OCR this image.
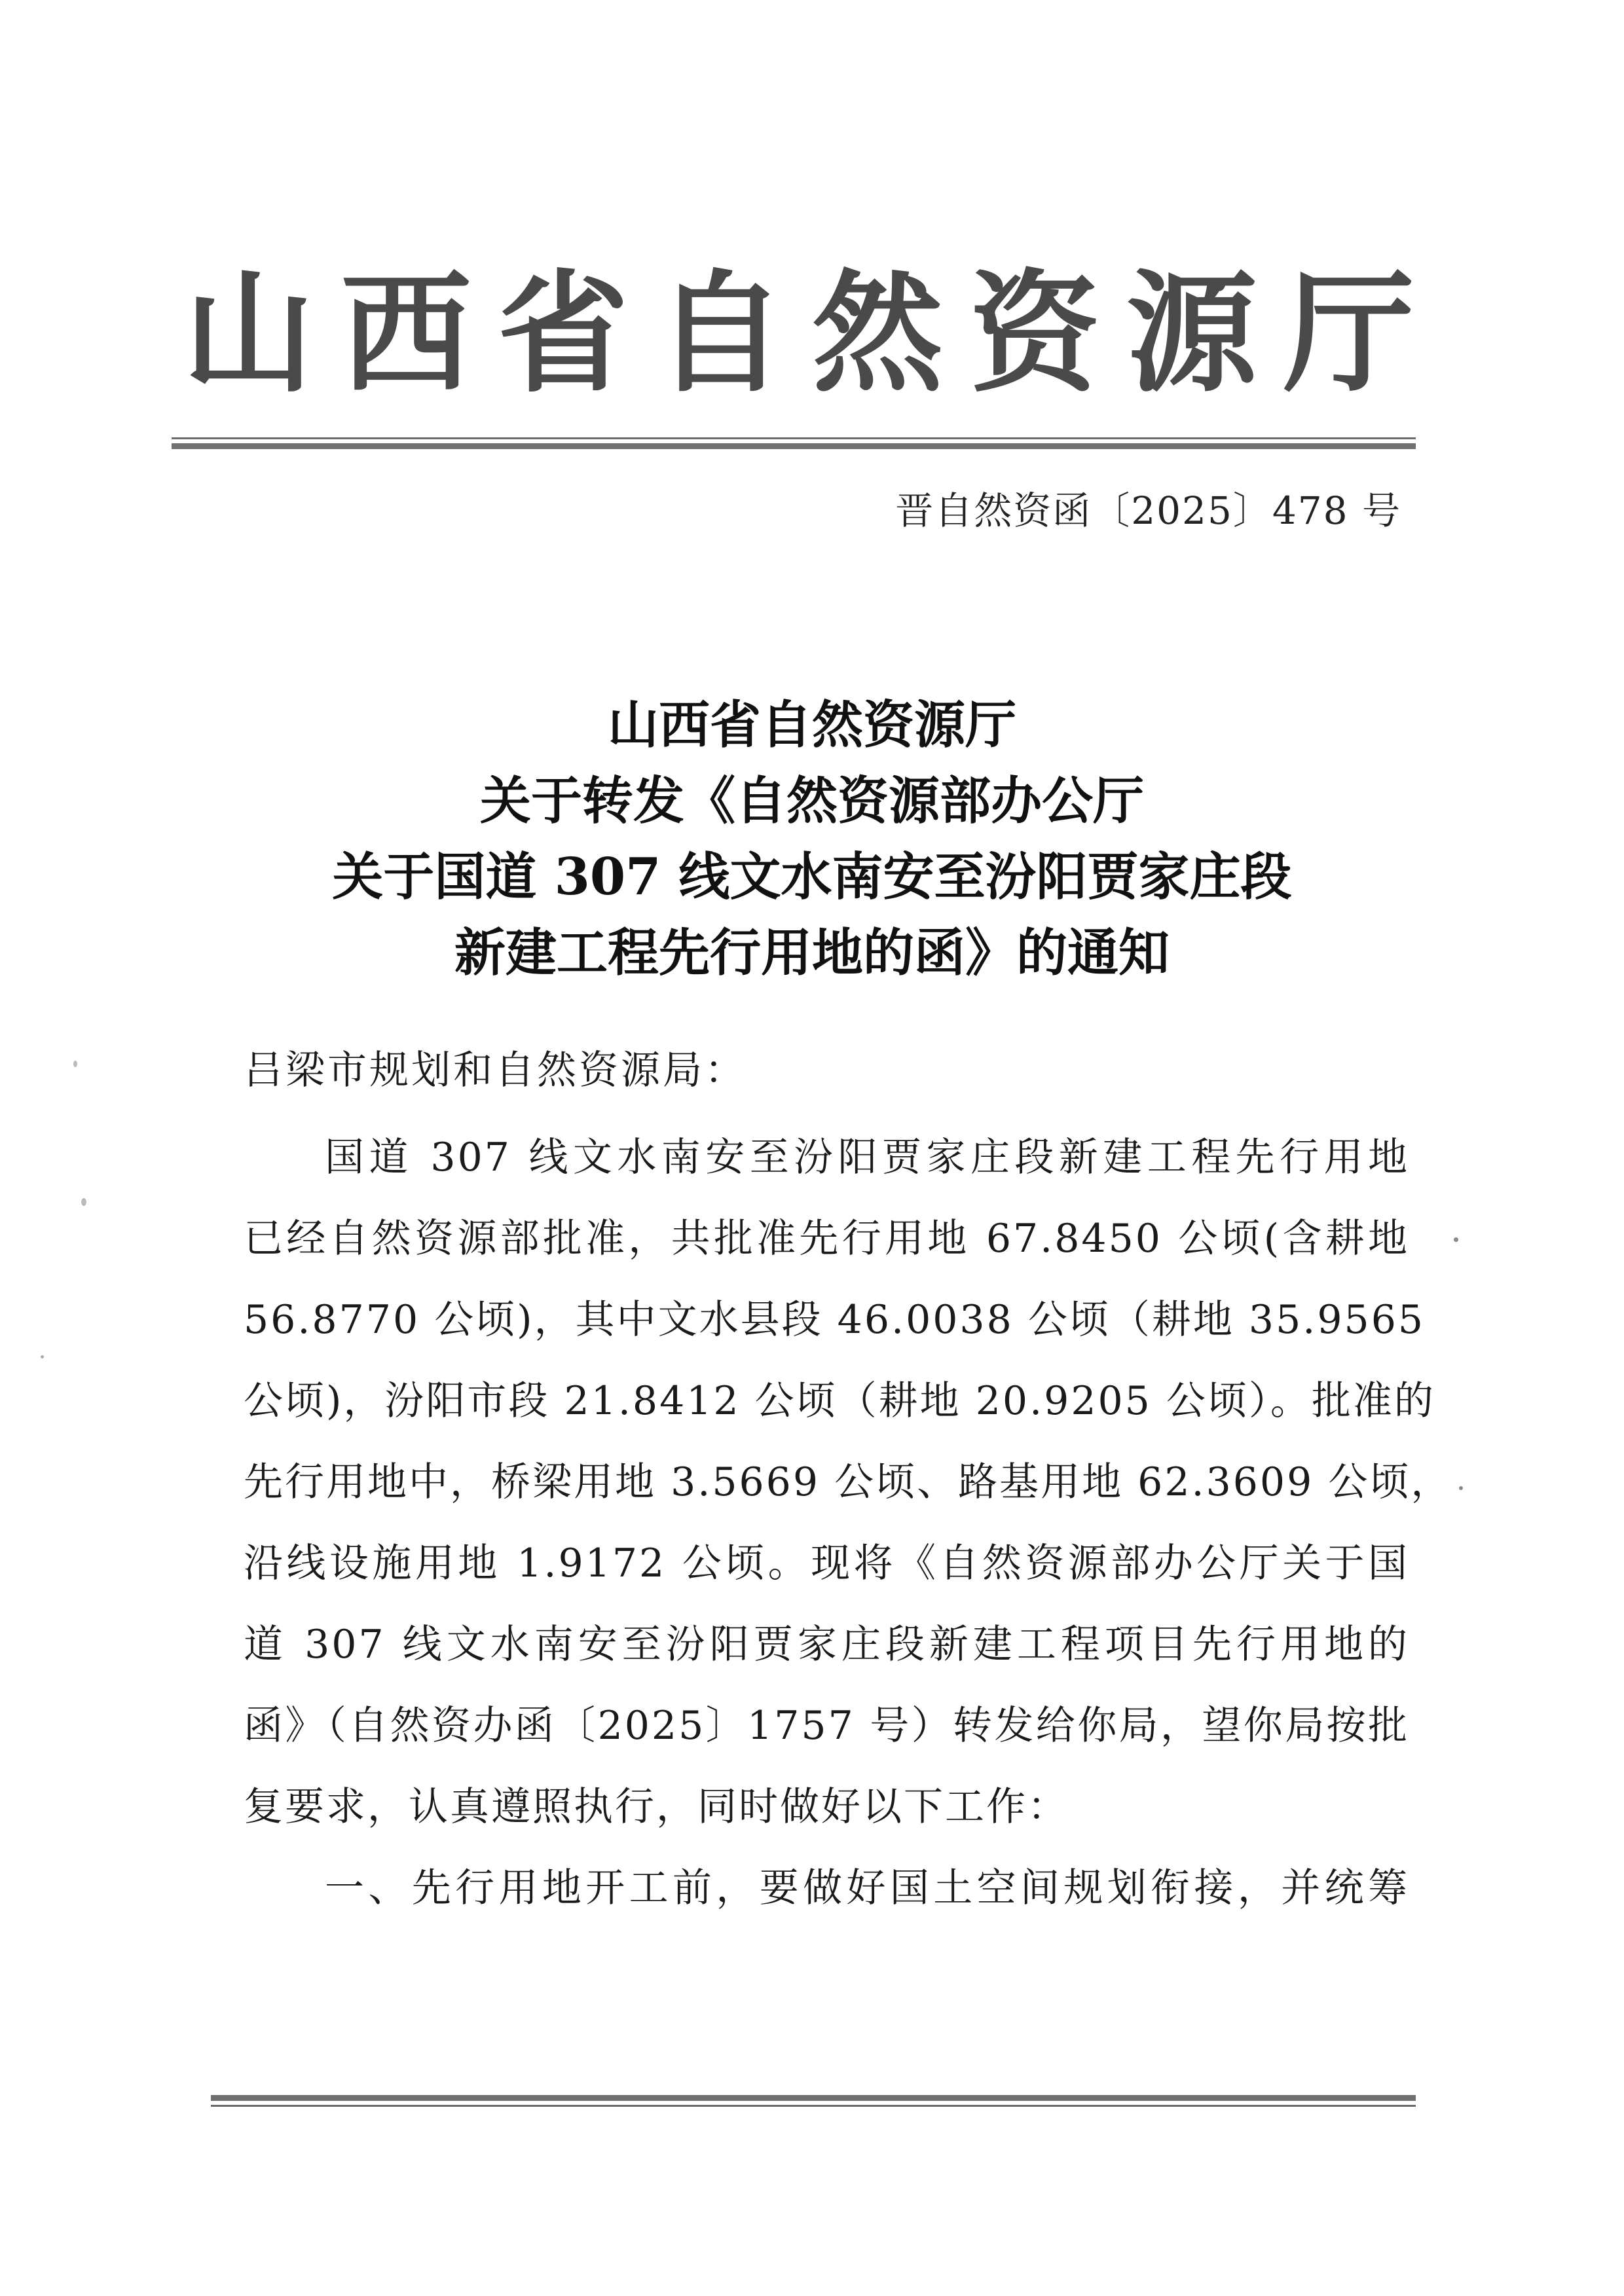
山西省自然资源厅
晋自然资函〔2025〕478 号
山西省自然资源厅
关于转发《自然资源部办公厅
关于国道 307 线文水南安至汾阳贾家庄段
新建工程先行用地的函》的通知
吕梁市规划和自然资源局：
国道 307 线文水南安至汾阳贾家庄段新建工程先行用地
已经自然资源部批准，共批准先行用地 67.8450 公顷(含耕地
56.8770 公顷)，其中文水县段 46.0038 公顷（耕地 35.9565
公顷)，汾阳市段 21.8412 公顷（耕地 20.9205 公顷）。批准的
先行用地中，桥梁用地 3.5669 公顷、路基用地 62.3609 公顷，
沿线设施用地 1.9172 公顷。现将《自然资源部办公厅关于国
道 307 线文水南安至汾阳贾家庄段新建工程项目先行用地的
函》（自然资办函〔2025〕1757 号）转发给你局，望你局按批
复要求，认真遵照执行，同时做好以下工作：
一、先行用地开工前，要做好国土空间规划衔接，并统筹
